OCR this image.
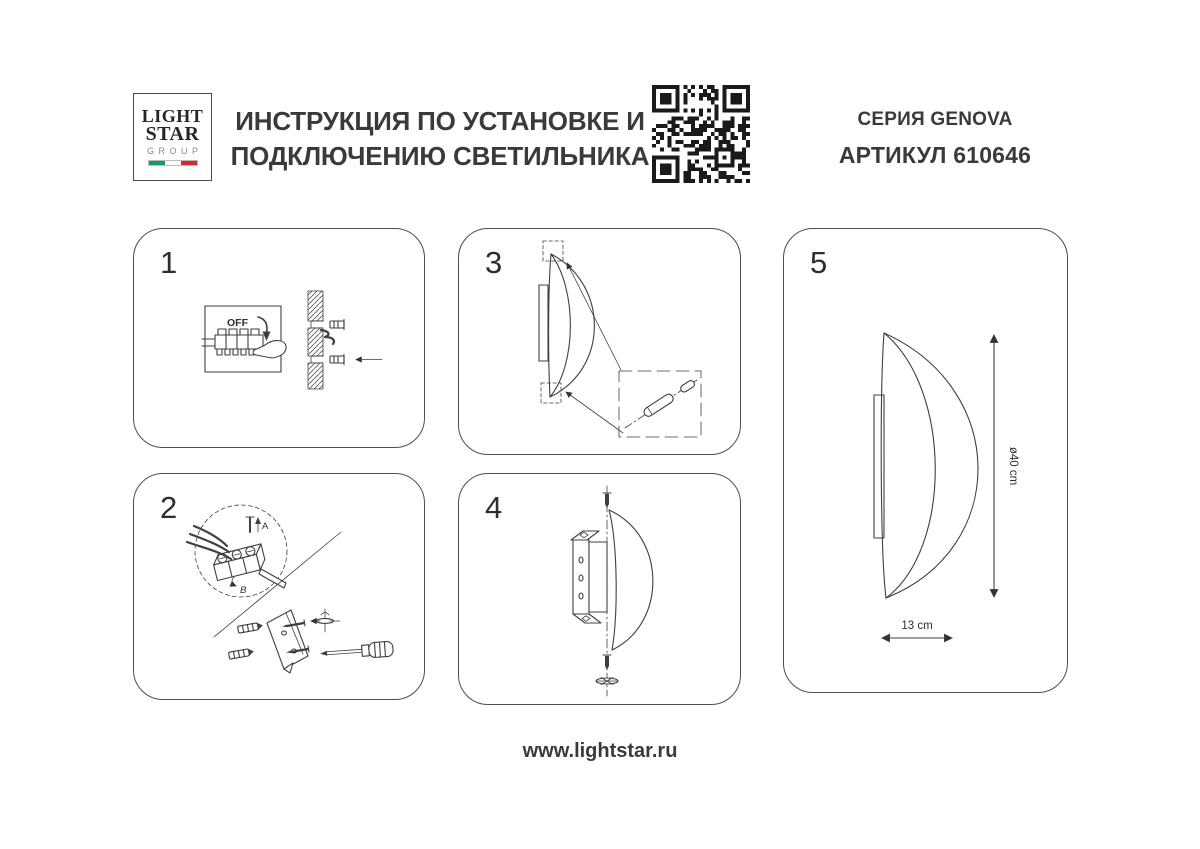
LIGHT
STAR
GROUP
ИНСТРУКЦИЯ ПО УСТАНОВКЕ И
ПОДКЛЮЧЕНИЮ СВЕТИЛЬНИКА
СЕРИЯ GENOVA
АРТИКУЛ 610646
1
OFF
2
A
B
3
4
5
ø40 cm
13 cm
www.lightstar.ru
